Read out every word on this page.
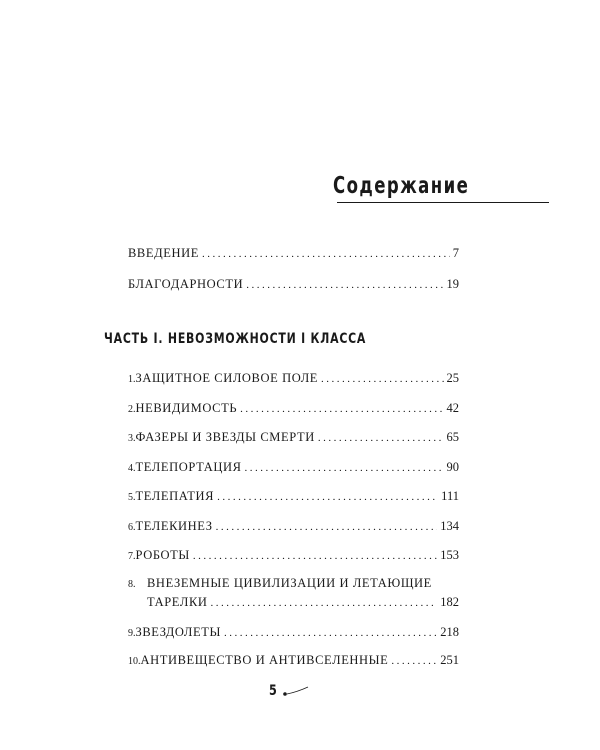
Содержание
ВВЕДЕНИЕ .....	7
БЛАГОДАРНОСТИ .....	19
ЧАСТЬ I. НЕВОЗМОЖНОСТИ I КЛАССА
1. ЗАЩИТНОЕ СИЛОВОЕ ПОЛЕ .....	25
2. НЕВИДИМОСТЬ .....	42
3. ФАЗЕРЫ И ЗВЕЗДЫ СМЕРТИ .....	65
4. ТЕЛЕПОРТАЦИЯ .....	90
5. ТЕЛЕПАТИЯ .....	111
6. ТЕЛЕКИНЕЗ .....	134
7. РОБОТЫ .....	153
8. ВНЕЗЕМНЫЕ ЦИВИЛИЗАЦИИ И ЛЕТАЮЩИЕ
ТАРЕЛКИ .....	182
9. ЗВЕЗДОЛЕТЫ .....	218
10. АНТИВЕЩЕСТВО И АНТИВСЕЛЕННЫЕ .....	251
5
